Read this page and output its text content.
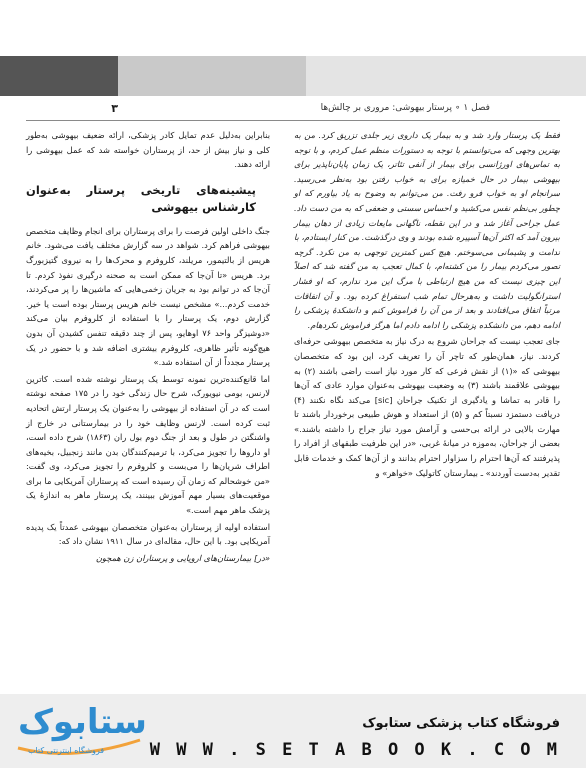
فصل ۱ ∘ پرستار بیهوشی: مروری بر چالش‌ها
۳

فقط یک پرستار وارد شد و به بیمار یک داروی زیر جلدی تزریق کرد. من به بهترین وجهی که می‌توانستم با توجه به دستورات منظم عمل کردم، و با توجه به تماس‌های اورژانسی برای بیمار از آنفی تئاتر، یک زمان پایان‌ناپذیر برای بیهوشی بیمار در حال خمیازه برای به خواب رفتن بود به‌نظر می‌رسید. سرانجام او به خواب فرو رفت. من می‌توانم به وضوح به یاد بیاورم که او چطور بی‌نظم نفس می‌کشید و احساس سستی و ضعفی که به من دست داد. عمل جراحی آغاز شد و در این نقطه، ناگهانی مایعات زیادی از دهان بیمار بیرون آمد که اکثر آن‌ها آسپیره شده بودند و وی درگذشت. من کنار ایستادم، با ندامت و پشیمانی می‌سوختم. هیچ کس کمترین توجهی به من نکرد. گرچه تصور می‌کردم بیمار را من کشته‌ام، با کمال تعجب به من گفته شد که اصلاً این چیزی نیست که من هیچ ارتباطی با مرگ این مرد ندارم، که او فشار استرانگولیت داشت و به‌هرحال تمام شب استفراغ کرده بود. و آن اتفاقات مرتباً اتفاق می‌افتادند و بعد از من آن را فراموش کنم و دانشکدهٔ پزشکی را ادامه دهم، من دانشکده پزشکی را ادامه دادم اما هرگز فراموش نکردهام.

جای تعجب نیست که جراحان شروع به درک نیاز به متخصص بیهوشی حرفه‌ای کردند. نیاز، همان‌طور که تاچر آن را تعریف کرد، این بود که متخصصان بیهوشی که «(۱) از نقش فرعی که کار مورد نیاز است راضی باشند (۲) به بیهوشی علاقمند باشند (۳) به وضعیت بیهوشی به‌عنوان موارد عادی که آن‌ها را قادر به تماشا و یادگیری از تکنیک جراحان [sic] می‌کند نگاه نکنند (۴) دریافت دستمزد نسبتاً کم و (۵) از استعداد و هوش طبیعی برخوردار باشند تا مهارت بالایی در ارائه بی‌حسی و آرامش مورد نیاز جراح را داشته باشند.» بعضی از جراحان، به‌موزه در میانهٔ غربی، «در این ظرفیت طبقهای از افراد را پذیرفتند که آن‌ها احترام را سزاوار احترام بدانند و از آن‌ها کمک و خدمات قابل تقدیر به‌دست آوردند» ـ بیمارستان کاتولیک «خواهر» و

بنابراین به‌دلیل عدم تمایل کادر پزشکی، ارائه ضعیف بیهوشی به‌طور کلی و نیاز بیش از حد، از پرستاران خواسته شد که عمل بیهوشی را ارائه دهند.

پیشینه‌های تاریخی پرستار به‌عنوان کارشناس بیهوشی

جنگ داخلی اولین فرصت را برای پرستاران برای انجام وظایف متخصص بیهوشی فراهم کرد. شواهد در سه گزارش مختلف یافت می‌شود. خانم هریس از بالتیمور، مریلند، کلروفرم و محرک‌ها را به نیروی گتیزبورگ برد. هریس «تا آن‌جا که ممکن است به صحنه درگیری نفوذ کردم. تا آن‌جا که در توانم بود به جریان زخمی‌هایی که ماشین‌ها را پر می‌کردند، خدمت کردم...» مشخص نیست خانم هریس پرستار بوده است یا خیر. گزارش دوم، یک پرستار را با استفاده از کلروفرم بیان می‌کند «دوشیزگر واحد ۷۶ اوهایو، پس از چند دقیقه تنفس کشیدن آن بدون هیچ‌گونه تأثیر ظاهری، کلروفرم بیشتری اضافه شد و با حضور در یک پرستار مجدداً از آن استفاده شد.»

اما قانع‌کننده‌ترین نمونه توسط یک پرستار نوشته شده است. کاترین لارنس، بومی نیویورک، شرح حال زندگی خود را در ۱۷۵ صفحه نوشته است که در آن استفاده از بیهوشی را به‌عنوان یک پرستار ارتش اتحادیه ثبت کرده است. لارنس وظایف خود را در بیمارستانی در خارج از واشنگتن در طول و بعد از جنگ دوم بول ران (۱۸۶۳) شرح داده است، او داروها را تجویز می‌کرد، با ترمیم‌کنندگان بدن مانند زنجبیل، بخیه‌های اطراف شریان‌ها را می‌بست و کلروفرم را تجویز می‌کرد، وی گفت: «من خوشحالم که زمان آن رسیده است که پرستاران آمریکایی ما برای موقعیت‌های بسیار مهم آموزش ببینند، یک پرستار ماهر به اندازهٔ یک پزشک ماهر مهم است.»

استفاده اولیه از پرستاران به‌عنوان متخصصان بیهوشی عمدتاً یک پدیده آمریکایی بود. با این حال، مقاله‌ای در سال ۱۹۱۱ نشان داد که:

«در] بیمارستان‌های اروپایی و پرستاران زن همچون

ستابوک
فروشگاه اینترنتی کتاب
فروشگاه کتاب پزشکی ستابوک
W W W . S E T A B O O K . C O M
